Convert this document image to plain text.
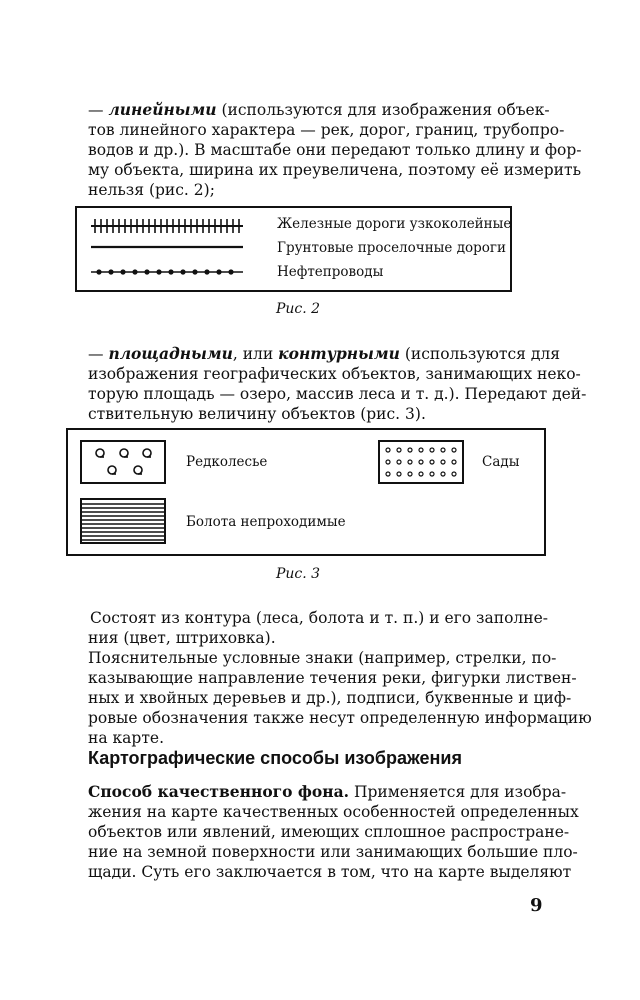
— линейными (используются для изображения объек-
тов линейного характера — рек, дорог, границ, трубопро-
водов и др.). В масштабе они передают только длину и фор-
му объекта, ширина их преувеличена, поэтому её измерить
нельзя (рис. 2);
Железные дороги узкоколейные
Грунтовые проселочные дороги
Нефтепроводы
Рис. 2
— площадными, или контурными (используются для
изображения географических объектов, занимающих неко-
торую площадь — озеро, массив леса и т. д.). Передают дей-
ствительную величину объектов (рис. 3).
Редколесье	Сады
Болота непроходимые
Рис. 3
Состоят из контура (леса, болота и т. п.) и его заполне-
ния (цвет, штриховка).
Пояснительные условные знаки (например, стрелки, по-
казывающие направление течения реки, фигурки листвен-
ных и хвойных деревьев и др.), подписи, буквенные и циф-
ровые обозначения также несут определенную информацию
на карте.
Картографические способы изображения
Способ качественного фона. Применяется для изобра-
жения на карте качественных особенностей определенных
объектов или явлений, имеющих сплошное распростране-
ние на земной поверхности или занимающих большие пло-
щади. Суть его заключается в том, что на карте выделяют
9
